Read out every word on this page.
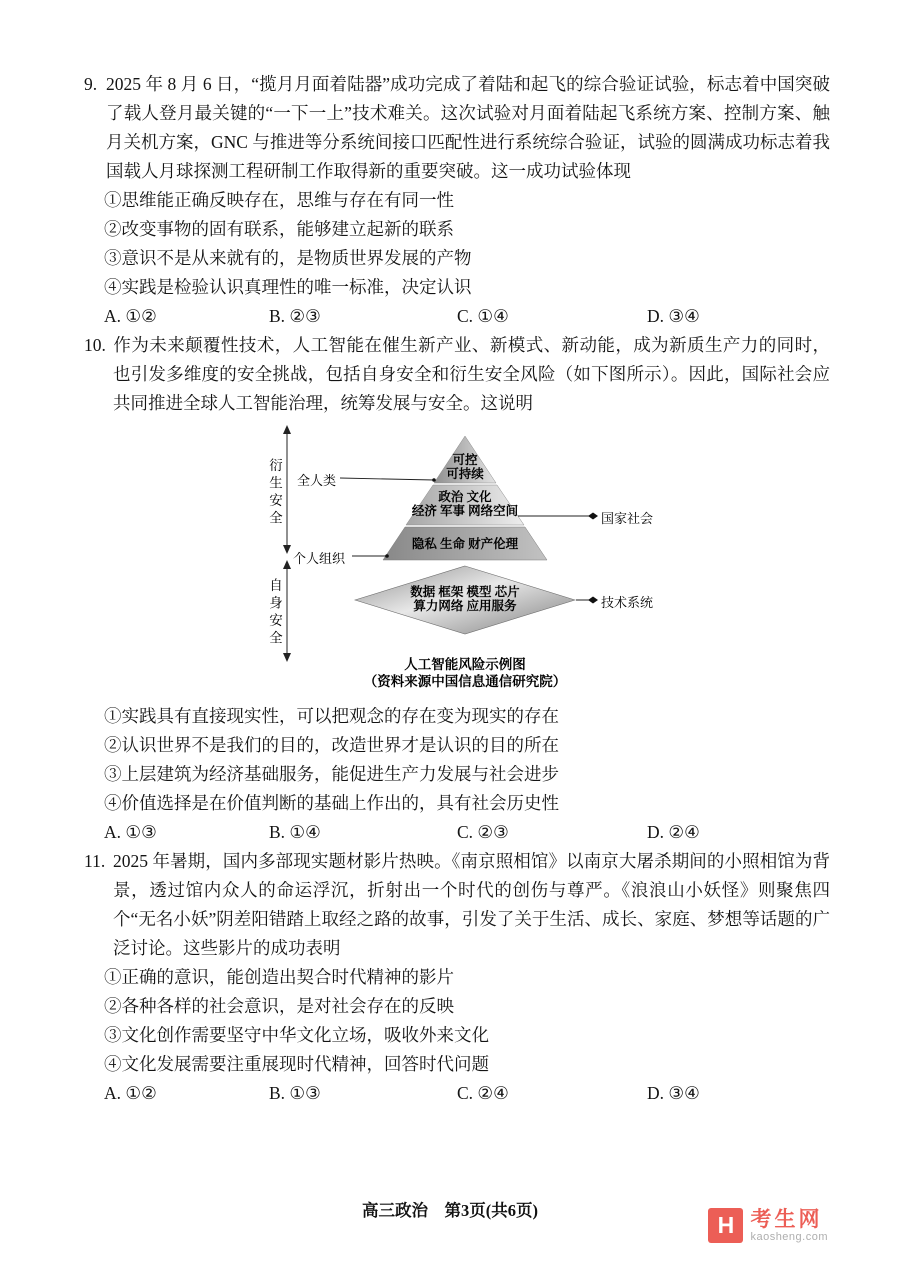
9. 2025 年 8 月 6 日，“揽月月面着陆器”成功完成了着陆和起飞的综合验证试验，标志着中国突破了载人登月最关键的“一下一上”技术难关。这次试验对月面着陆起飞系统方案、控制方案、触月关机方案，GNC 与推进等分系统间接口匹配性进行系统综合验证，试验的圆满成功标志着我国载人月球探测工程研制工作取得新的重要突破。这一成功试验体现

①思维能正确反映存在，思维与存在有同一性
②改变事物的固有联系，能够建立起新的联系
③意识不是从来就有的，是物质世界发展的产物
④实践是检验认识真理性的唯一标准，决定认识
A. ①②	B. ②③	C. ①④	D. ③④

10. 作为未来颠覆性技术，人工智能在催生新产业、新模式、新动能，成为新质生产力的同时，也引发多维度的安全挑战，包括自身安全和衍生安全风险（如下图所示）。因此，国际社会应共同推进全球人工智能治理，统筹发展与安全。这说明

衍生安全
自身安全
全人类
个人组织
国家社会
技术系统
可控
可持续
政治 文化
经济 军事 网络空间
隐私 生命 财产伦理
数据 框架 模型 芯片
算力网络 应用服务
人工智能风险示例图
（资料来源中国信息通信研究院）
①实践具有直接现实性，可以把观念的存在变为现实的存在
②认识世界不是我们的目的，改造世界才是认识的目的所在
③上层建筑为经济基础服务，能促进生产力发展与社会进步
④价值选择是在价值判断的基础上作出的，具有社会历史性
A. ①③	B. ①④	C. ②③	D. ②④

11. 2025 年暑期，国内多部现实题材影片热映。《南京照相馆》以南京大屠杀期间的小照相馆为背景，透过馆内众人的命运浮沉，折射出一个时代的创伤与尊严。《浪浪山小妖怪》则聚焦四个“无名小妖”阴差阳错踏上取经之路的故事，引发了关于生活、成长、家庭、梦想等话题的广泛讨论。这些影片的成功表明

①正确的意识，能创造出契合时代精神的影片
②各种各样的社会意识，是对社会存在的反映
③文化创作需要坚守中华文化立场，吸收外来文化
④文化发展需要注重展现时代精神，回答时代问题
A. ①②	B. ①③	C. ②④	D. ③④
高三政治　第3页(共6页)
H 考生网
kaosheng.com
